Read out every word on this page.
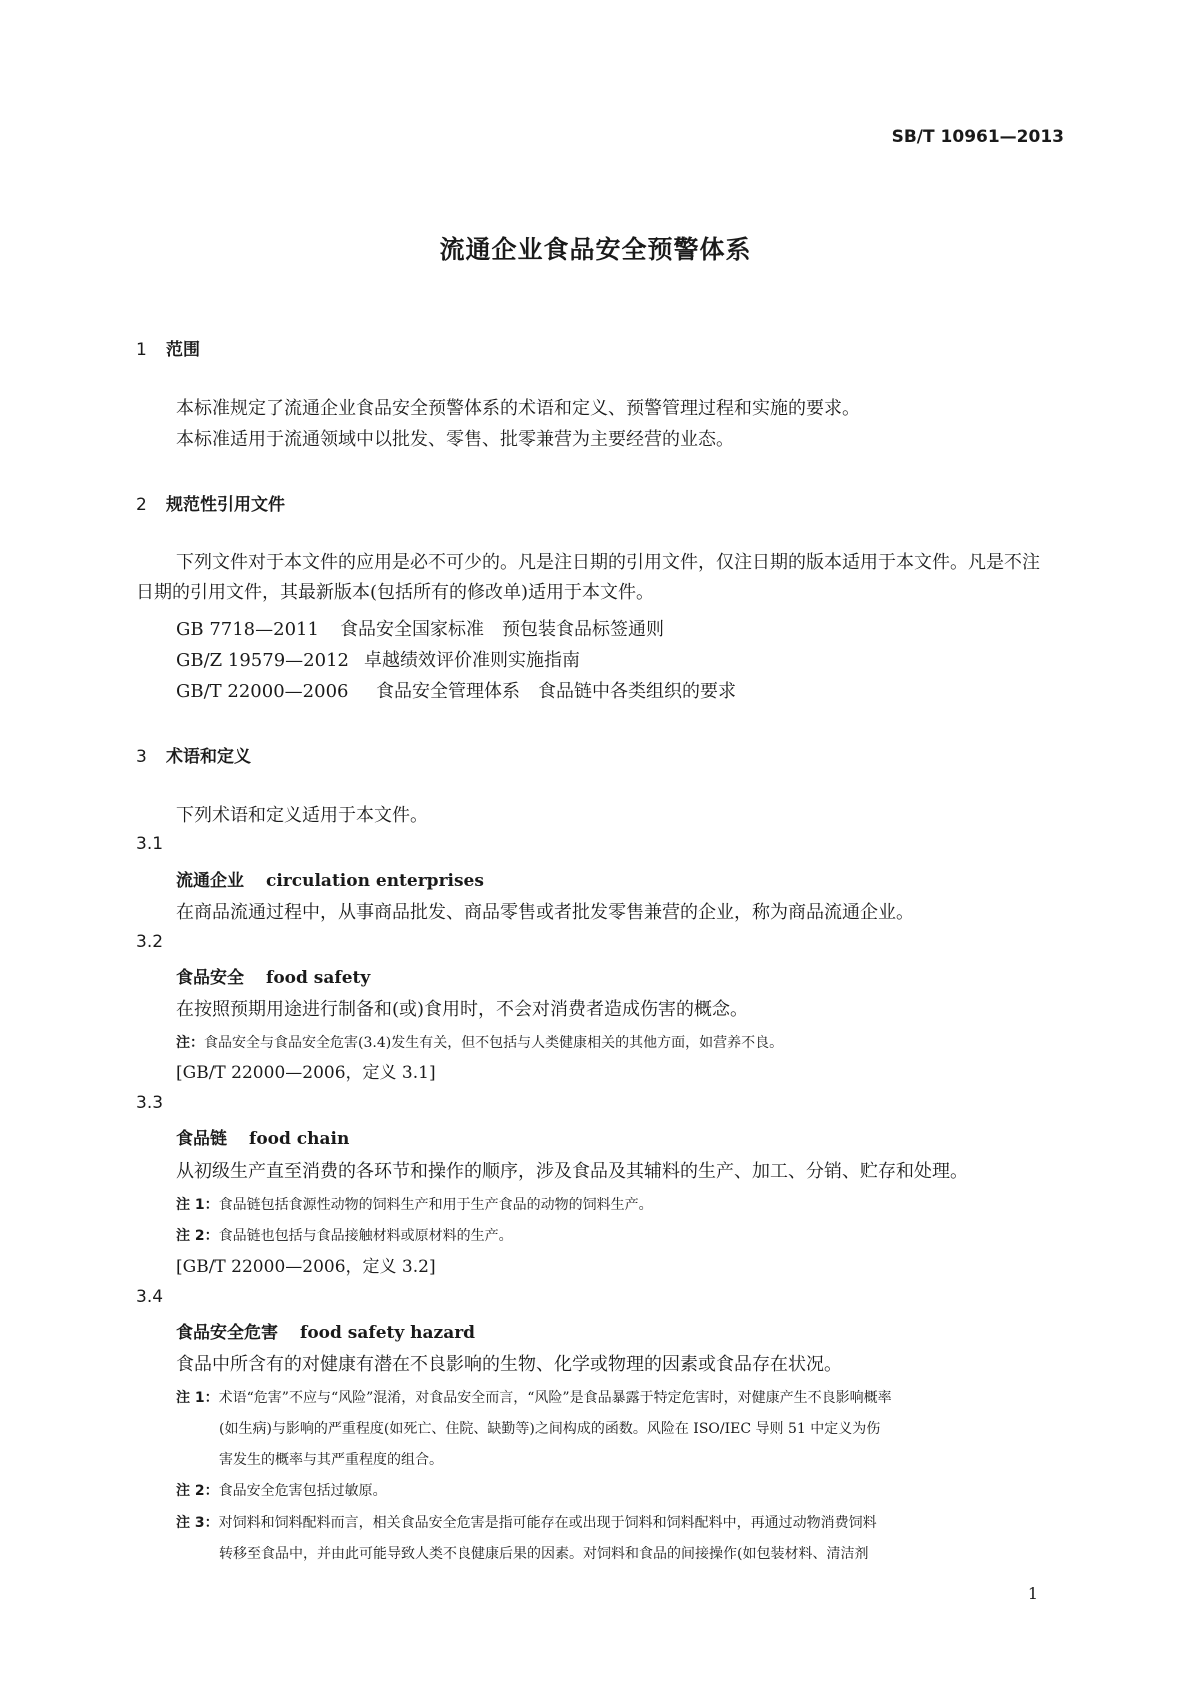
SB/T 10961—2013
流通企业食品安全预警体系
1 范围
本标准规定了流通企业食品安全预警体系的术语和定义、预警管理过程和实施的要求。
本标准适用于流通领域中以批发、零售、批零兼营为主要经营的业态。
2 规范性引用文件
下列文件对于本文件的应用是必不可少的。凡是注日期的引用文件，仅注日期的版本适用于本文件。凡是不注日期的引用文件，其最新版本(包括所有的修改单)适用于本文件。
GB 7718—2011 食品安全国家标准　预包装食品标签通则
GB/Z 19579—2012 卓越绩效评价准则实施指南
GB/T 22000—2006 食品安全管理体系　食品链中各类组织的要求
3 术语和定义
下列术语和定义适用于本文件。
3.1
流通企业 circulation enterprises
在商品流通过程中，从事商品批发、商品零售或者批发零售兼营的企业，称为商品流通企业。
3.2
食品安全 food safety
在按照预期用途进行制备和(或)食用时，不会对消费者造成伤害的概念。
注：食品安全与食品安全危害(3.4)发生有关，但不包括与人类健康相关的其他方面，如营养不良。
[GB/T 22000—2006，定义 3.1]
3.3
食品链 food chain
从初级生产直至消费的各环节和操作的顺序，涉及食品及其辅料的生产、加工、分销、贮存和处理。
注 1：食品链包括食源性动物的饲料生产和用于生产食品的动物的饲料生产。
注 2：食品链也包括与食品接触材料或原材料的生产。
[GB/T 22000—2006，定义 3.2]
3.4
食品安全危害 food safety hazard
食品中所含有的对健康有潜在不良影响的生物、化学或物理的因素或食品存在状况。
注 1：术语“危害”不应与“风险”混淆，对食品安全而言，“风险”是食品暴露于特定危害时，对健康产生不良影响概率
(如生病)与影响的严重程度(如死亡、住院、缺勤等)之间构成的函数。风险在 ISO/IEC 导则 51 中定义为伤
害发生的概率与其严重程度的组合。
注 2：食品安全危害包括过敏原。
注 3：对饲料和饲料配料而言，相关食品安全危害是指可能存在或出现于饲料和饲料配料中，再通过动物消费饲料
转移至食品中，并由此可能导致人类不良健康后果的因素。对饲料和食品的间接操作(如包装材料、清洁剂
1
